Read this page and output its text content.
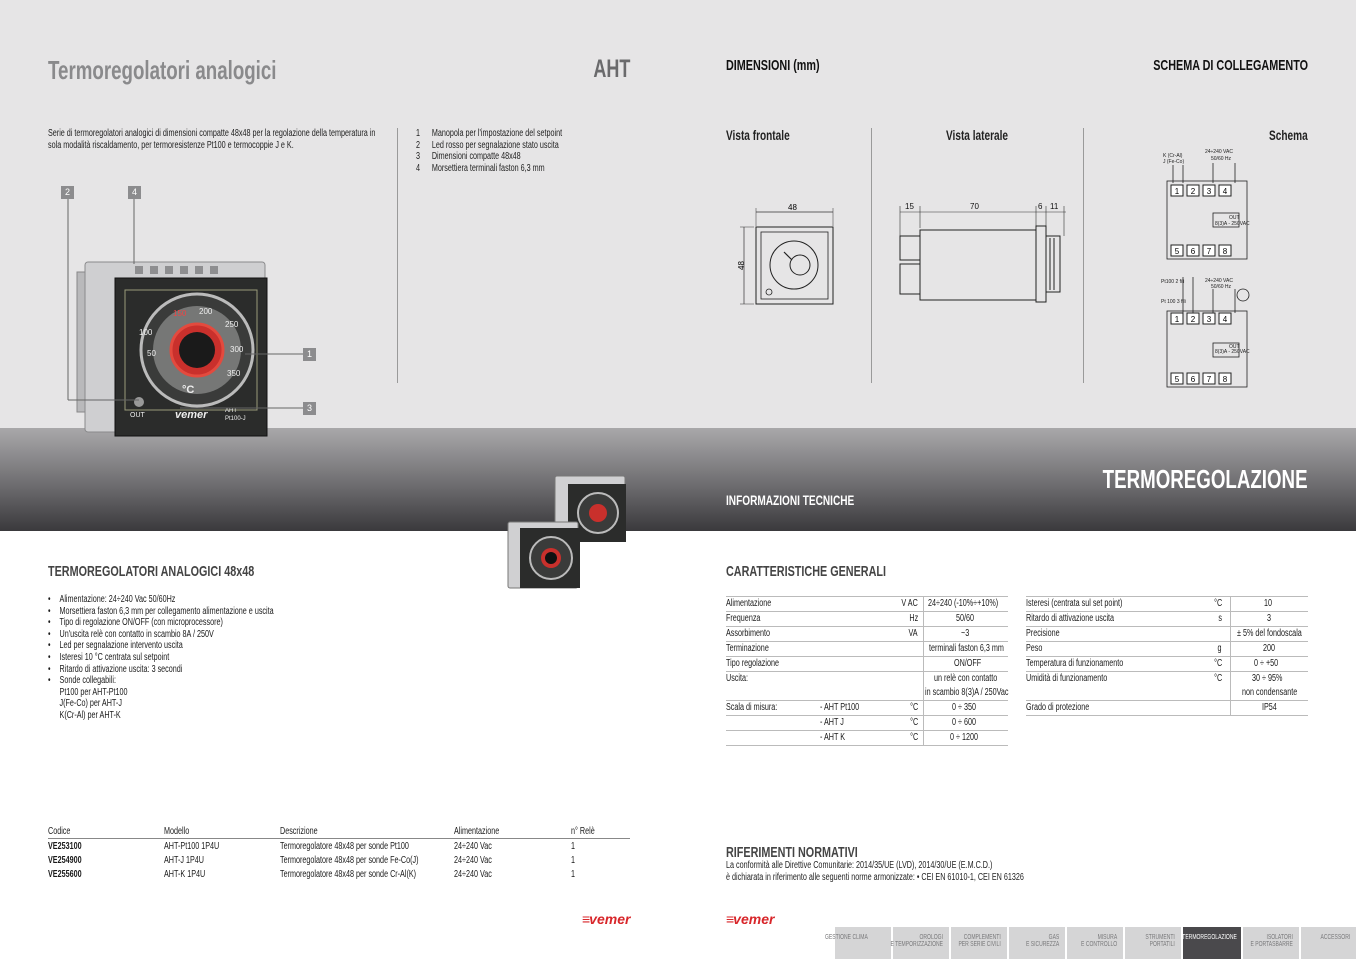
Termoregolatori analogici	AHT
Serie di termoregolatori analogici di dimensioni compatte 48x48 per la regolazione della temperatura in
sola modalità riscaldamento, per termoresistenze Pt100 e termocoppie J e K.
1 Manopola per l'impostazione del setpoint
2 Led rosso per segnalazione stato uscita
3 Dimensioni compatte 48x48
4 Morsettiera terminali faston 6,3 mm
100
150 200
250
300
350
50
°C
OUT	vemer	AHT
Pt100-J
2	4
1
3
TERMOREGOLATORI ANALOGICI 48x48
• Alimentazione: 24÷240 Vac 50/60Hz
• Morsettiera faston 6,3 mm per collegamento alimentazione e uscita
• Tipo di regolazione ON/OFF (con microprocessore)
• Un'uscita relè con contatto in scambio 8A / 250V
• Led per segnalazione intervento uscita
• Isteresi 10 °C centrata sul setpoint
• Ritardo di attivazione uscita: 3 secondi
• Sonde collegabili:
Pt100 per AHT-Pt100
J(Fe-Co) per AHT-J
K(Cr-Al) per AHT-K
Codice	Modello	Descrizione	Alimentazione	n° Relè
VE253100	AHT-Pt100 1P4U	Termoregolatore 48x48 per sonde Pt100	24÷240 Vac	1
VE254900	AHT-J 1P4U	Termoregolatore 48x48 per sonde Fe-Co(J)	24÷240 Vac	1
VE255600	AHT-K 1P4U	Termoregolatore 48x48 per sonde Cr-Al(K)	24÷240 Vac	1
≡vemer
DIMENSIONI (mm)	SCHEMA DI COLLEGAMENTO
Vista frontale	Vista laterale	Schema
48
48
15	70	6 11
24÷240 VAC
50/60 Hz
K (Cr-Al)
J (Fe-Co)
OUT
8(3)A - 250VAC
Pt100 2 fili
Pt 100 3 fili
24÷240 VAC
50/60 Hz
OUT
8(3)A - 250VAC
1 2 3 4
5 6 7 8
1 2 3 4
5 6 7 8
TERMOREGOLAZIONE
INFORMAZIONI TECNICHE
CARATTERISTICHE GENERALI
Alimentazione	V AC 24÷240 (-10%÷+10%)
Frequenza	Hz	50/60
Assorbimento	VA	~3
Terminazione	terminali faston 6,3 mm
Tipo regolazione	ON/OFF
Uscita:	un relè con contatto
in scambio 8(3)A / 250Vac
Scala di misura:	- AHT Pt100	°C	0 ÷ 350
- AHT J	°C	0 ÷ 600
- AHT K	°C	0 ÷ 1200
Isteresi (centrata sul set point)	°C	10
Ritardo di attivazione uscita	s	3
Precisione	± 5% del fondoscala
Peso	g	200
Temperatura di funzionamento	°C	0 ÷ +50
Umidità di funzionamento	°C	30 ÷ 95%
non condensante
Grado di protezione	IP54
RIFERIMENTI NORMATIVI
La conformità alle Direttive Comunitarie: 2014/35/UE (LVD), 2014/30/UE (E.M.C.D.)
è dichiarata in riferimento alle seguenti norme armonizzate: • CEI EN 61010-1, CEI EN 61326
≡vemer
GESTIONE CLIMA	OROLOGI
E TEMPORIZZAZIONE
COMPLEMENTI
PER SERIE CIVILI
GAS
E SICUREZZA
MISURA
E CONTROLLO
STRUMENTI
PORTATILI
TERMOREGOLAZIONE	ISOLATORI
E PORTASBARRE
ACCESSORI
